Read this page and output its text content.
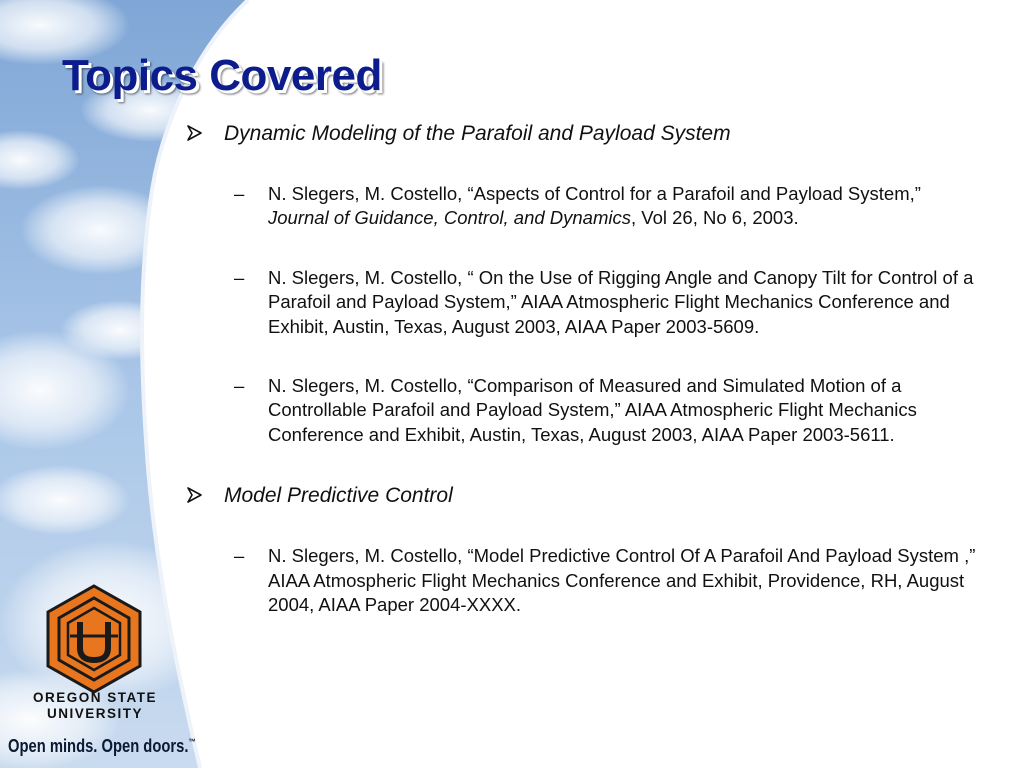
Topics Covered
Dynamic Modeling of the Parafoil and Payload System
– N. Slegers, M. Costello, “Aspects of Control for a Parafoil and Payload System,” Journal of Guidance, Control, and Dynamics, Vol 26, No 6, 2003.
– N. Slegers, M. Costello, “ On the Use of Rigging Angle and Canopy Tilt for Control of a Parafoil and Payload System,” AIAA Atmospheric Flight Mechanics Conference and Exhibit, Austin, Texas, August 2003, AIAA Paper 2003-5609.
– N. Slegers, M. Costello, “Comparison of Measured and Simulated Motion of a Controllable Parafoil and Payload System,” AIAA Atmospheric Flight Mechanics Conference and Exhibit, Austin, Texas, August 2003, AIAA Paper 2003-5611.
Model Predictive Control
– N. Slegers, M. Costello, “Model Predictive Control Of A Parafoil And Payload System ,” AIAA Atmospheric Flight Mechanics Conference and Exhibit, Providence, RH, August 2004, AIAA Paper 2004-XXXX.
OREGON STATE
UNIVERSITY
Open minds. Open doors.™
